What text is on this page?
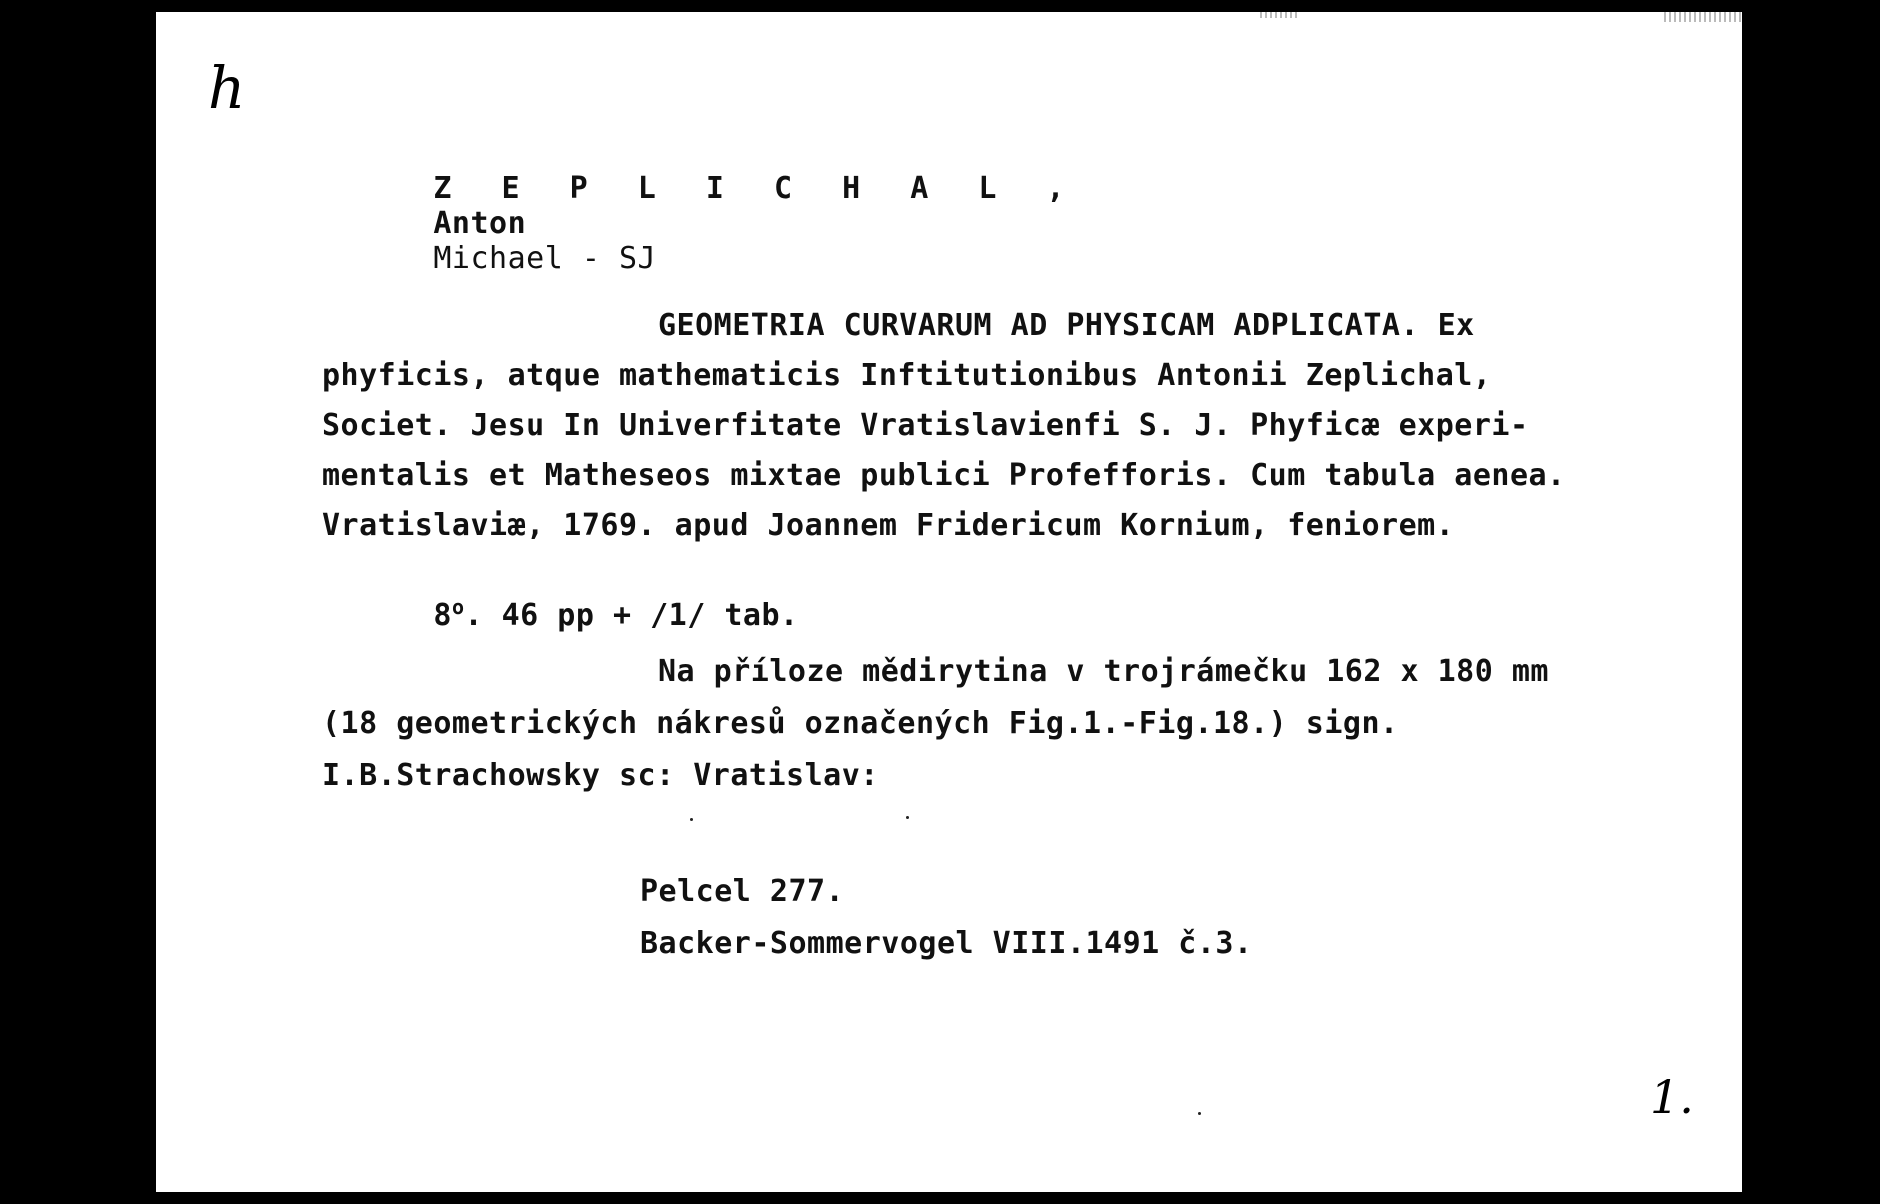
h

Z E P L I C H A L ,
Anton
Michael - SJ

GEOMETRIA CURVARUM AD PHYSICAM ADPLICATA. Ex
phyficis, atque mathematicis Inftitutionibus Antonii Zeplichal,
Societ. Jesu In Univerfitate Vratislavienfi S. J. Phyficæ experi-
mentalis et Matheseos mixtae publici Profefforis. Cum tabula aenea.
Vratislaviæ, 1769. apud Joannem Fridericum Kornium, feniorem.

8$^o$. 46 pp + /1/ tab.

Na příloze mědirytina v trojrámečku 162 x 180 mm
(18 geometrických nákresů označených Fig.1.-Fig.18.) sign.
I.B.Strachowsky sc: Vratislav:
Pelcel 277.
Backer-Sommervogel VIII.1491 č.3.
1.
